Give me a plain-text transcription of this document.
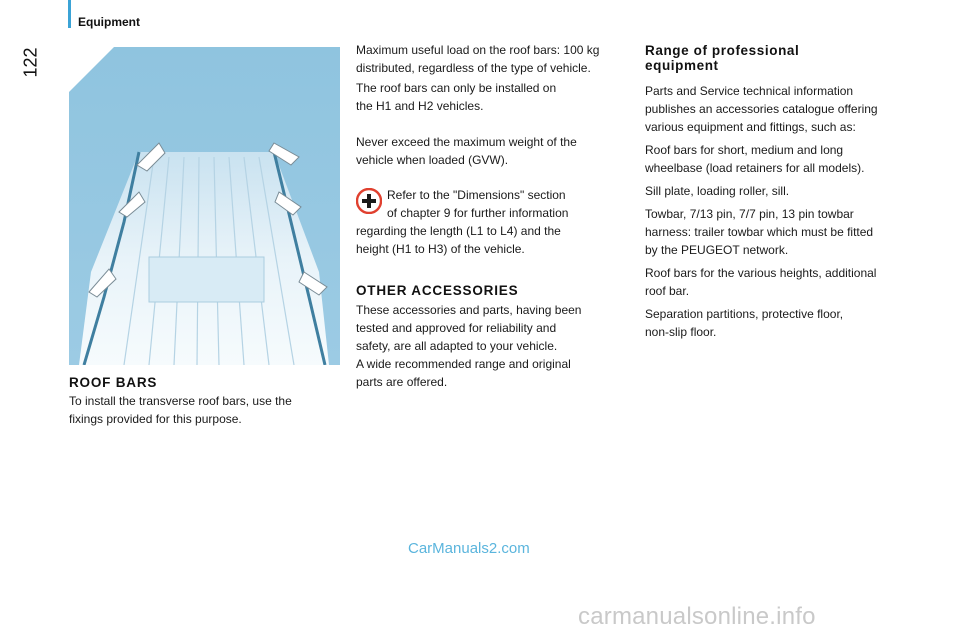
Equipment
122
ROOF BARS

To install the transverse roof bars, use the

fixings provided for this purpose.

Maximum useful load on the roof bars: 100 kg

distributed, regardless of the type of vehicle.

The roof bars can only be installed on

the H1 and H2 vehicles.

Never exceed the maximum weight of the

vehicle when loaded (GVW).

Refer to the "Dimensions" section

of chapter 9 for further information

regarding the length (L1 to L4) and the

height (H1 to H3) of the vehicle.

OTHER ACCESSORIES

These accessories and parts, having been

tested and approved for reliability and

safety, are all adapted to your vehicle.

A wide recommended range and original

parts are offered.

Range of professional
equipment

Parts and Service technical information
publishes an accessories catalogue offering
various equipment and fittings, such as:

Roof bars for short, medium and long
wheelbase (load retainers for all models).

Sill plate, loading roller, sill.

Towbar, 7/13 pin, 7/7 pin, 13 pin towbar
harness: trailer towbar which must be fitted
by the PEUGEOT network.

Roof bars for the various heights, additional
roof bar.

Separation partitions, protective floor,
non-slip floor.

CarManuals2.com
carmanualsonline.info
